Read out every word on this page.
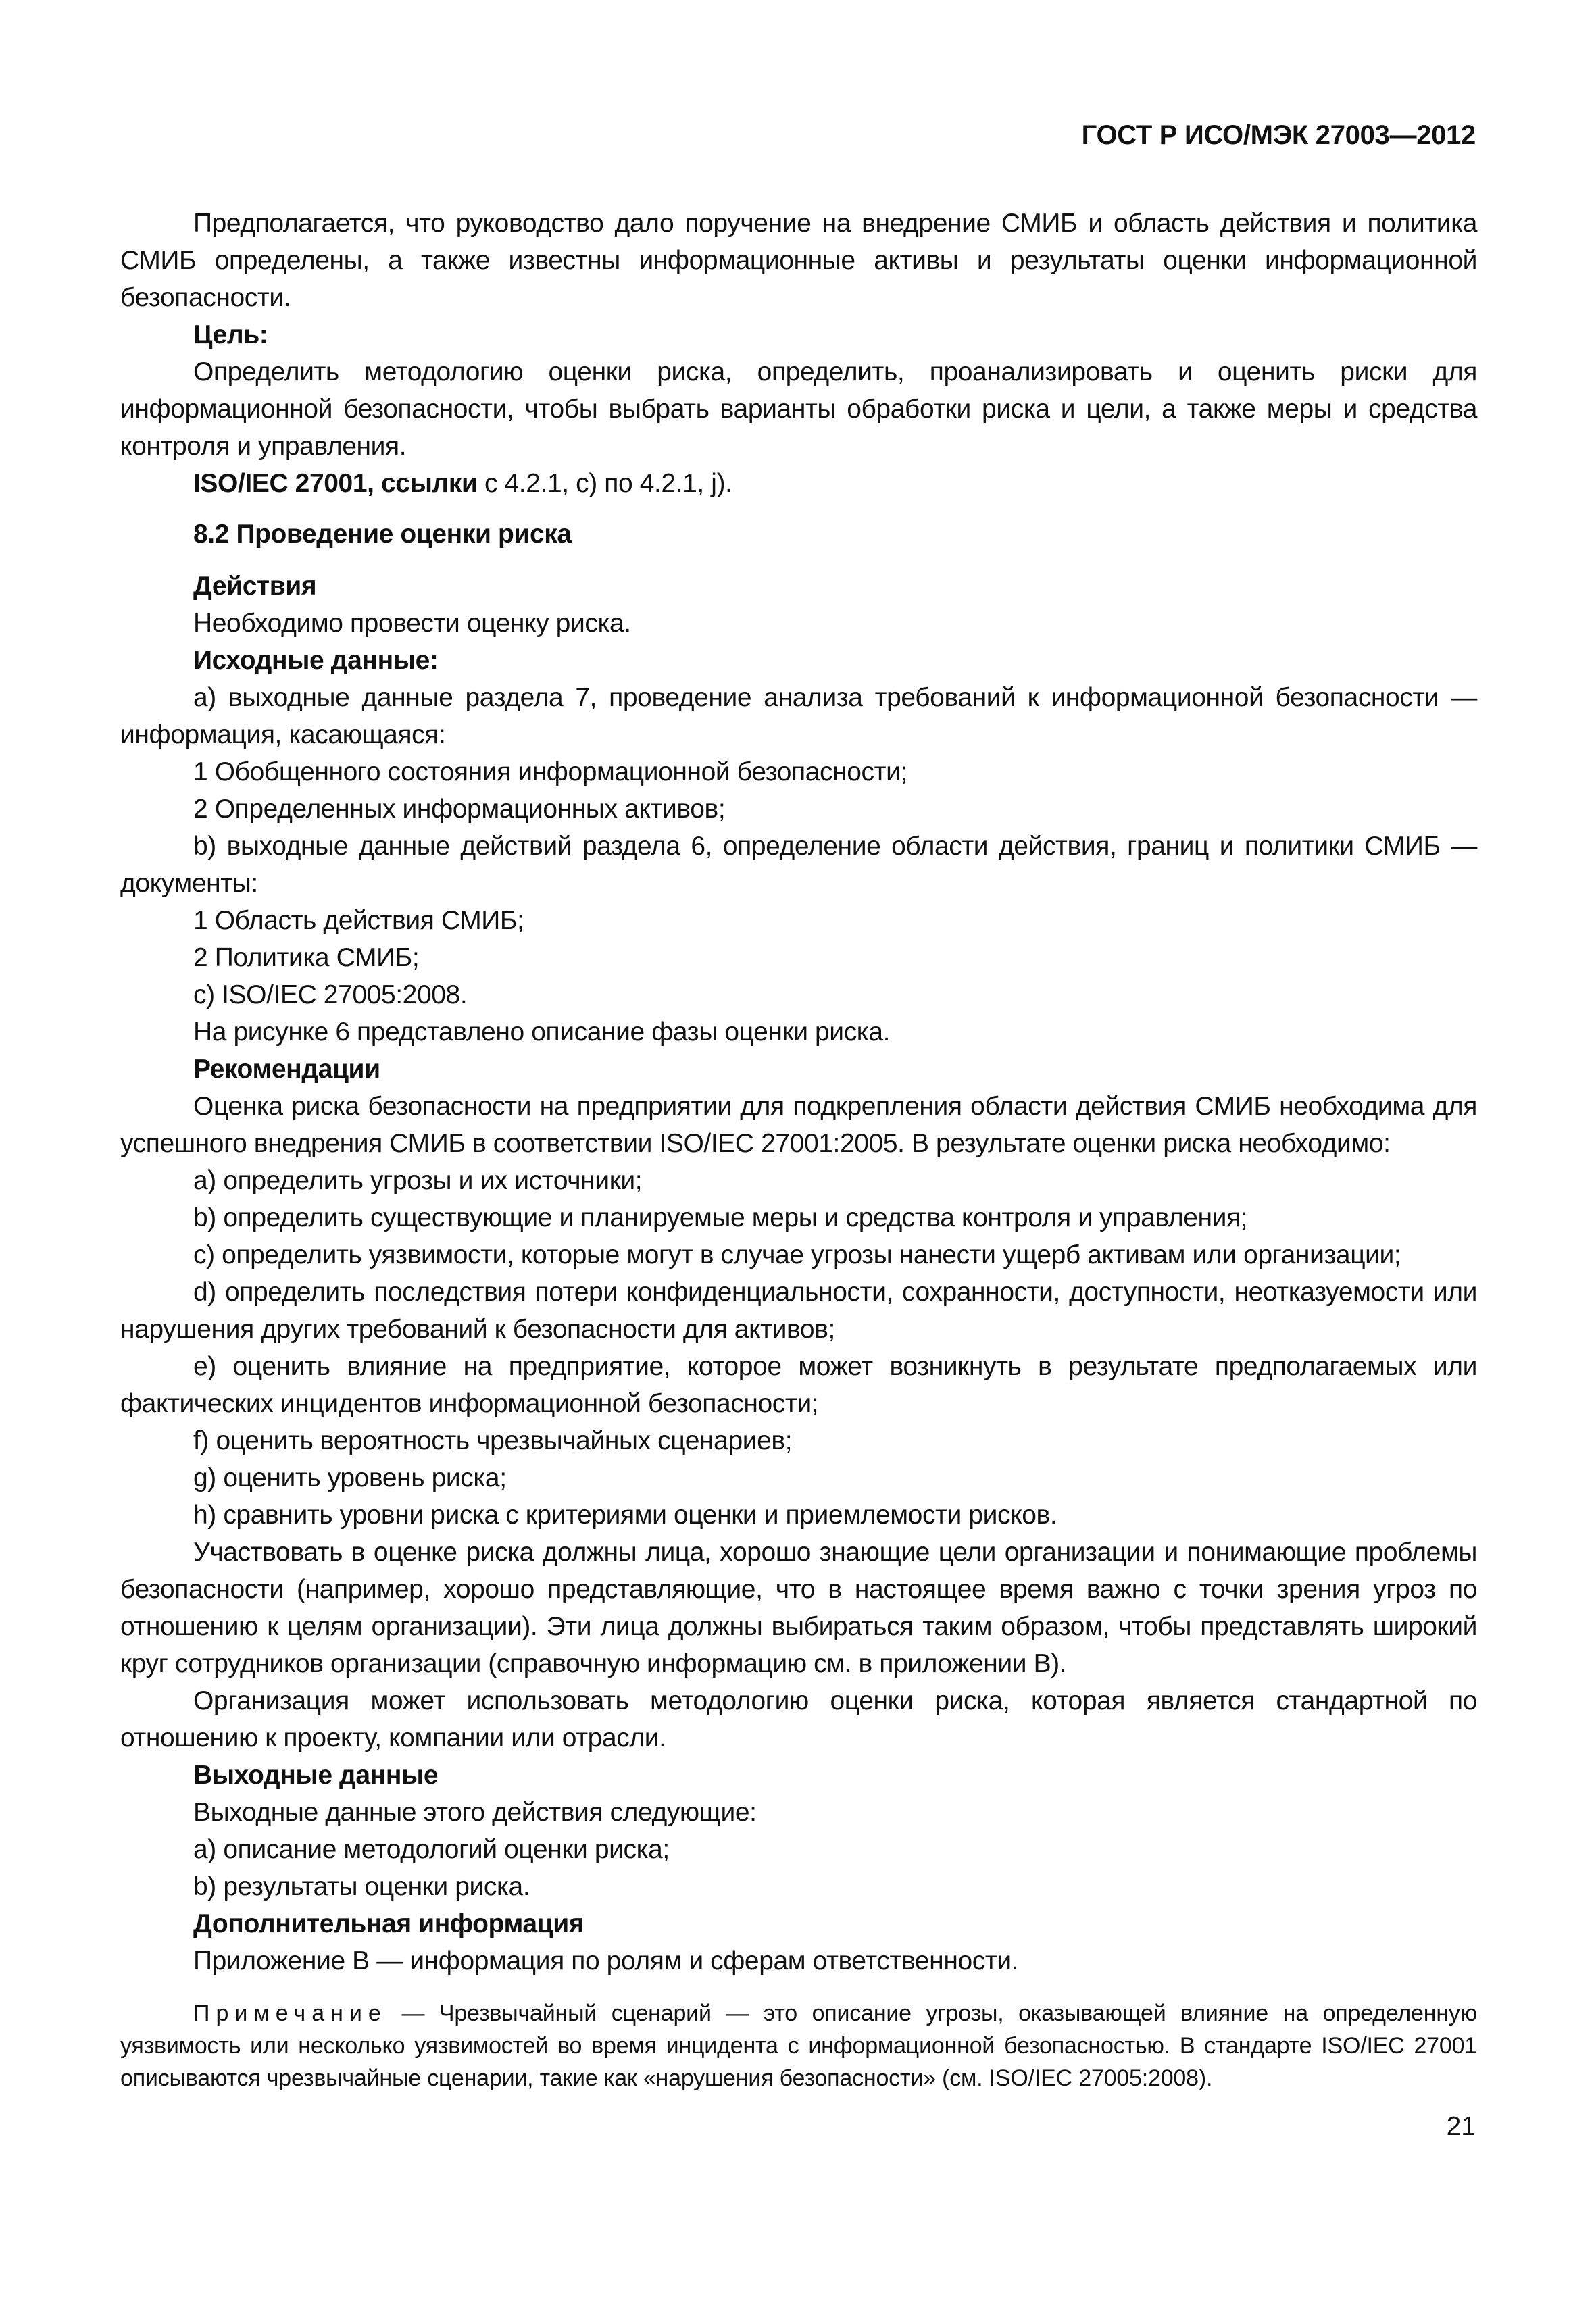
ГОСТ Р ИСО/МЭК 27003—2012

Предполагается, что руководство дало поручение на внедрение СМИБ и область действия и политика СМИБ определены, а также известны информационные активы и результаты оценки информационной безопасности.

Цель:

Определить методологию оценки риска, определить, проанализировать и оценить риски для информационной безопасности, чтобы выбрать варианты обработки риска и цели, а также меры и средства контроля и управления.

ISO/IEC 27001, ссылки с 4.2.1, с) по 4.2.1, j).

8.2 Проведение оценки риска

Действия

Необходимо провести оценку риска.

Исходные данные:

а) выходные данные раздела 7, проведение анализа требований к информационной безопасности — информация, касающаяся:

1 Обобщенного состояния информационной безопасности;

2 Определенных информационных активов;

b) выходные данные действий раздела 6, определение области действия, границ и политики СМИБ — документы:

1 Область действия СМИБ;

2 Политика СМИБ;

с) ISO/IEC 27005:2008.

На рисунке 6 представлено описание фазы оценки риска.

Рекомендации

Оценка риска безопасности на предприятии для подкрепления области действия СМИБ необходима для успешного внедрения СМИБ в соответствии ISO/IEC 27001:2005. В результате оценки риска необходимо:

а) определить угрозы и их источники;

b) определить существующие и планируемые меры и средства контроля и управления;

с) определить уязвимости, которые могут в случае угрозы нанести ущерб активам или организации;

d) определить последствия потери конфиденциальности, сохранности, доступности, неотказуемости или нарушения других требований к безопасности для активов;

е) оценить влияние на предприятие, которое может возникнуть в результате предполагаемых или фактических инцидентов информационной безопасности;

f) оценить вероятность чрезвычайных сценариев;

g) оценить уровень риска;

h) сравнить уровни риска с критериями оценки и приемлемости рисков.

Участвовать в оценке риска должны лица, хорошо знающие цели организации и понимающие проблемы безопасности (например, хорошо представляющие, что в настоящее время важно с точки зрения угроз по отношению к целям организации). Эти лица должны выбираться таким образом, чтобы представлять широкий круг сотрудников организации (справочную информацию см. в приложении В).

Организация может использовать методологию оценки риска, которая является стандартной по отношению к проекту, компании или отрасли.

Выходные данные

Выходные данные этого действия следующие:

а) описание методологий оценки риска;

b) результаты оценки риска.

Дополнительная информация

Приложение В — информация по ролям и сферам ответственности.

Примечание — Чрезвычайный сценарий — это описание угрозы, оказывающей влияние на определенную уязвимость или несколько уязвимостей во время инцидента с информационной безопасностью. В стандарте ISO/IEC 27001 описываются чрезвычайные сценарии, такие как «нарушения безопасности» (см. ISO/IEC 27005:2008).

21
